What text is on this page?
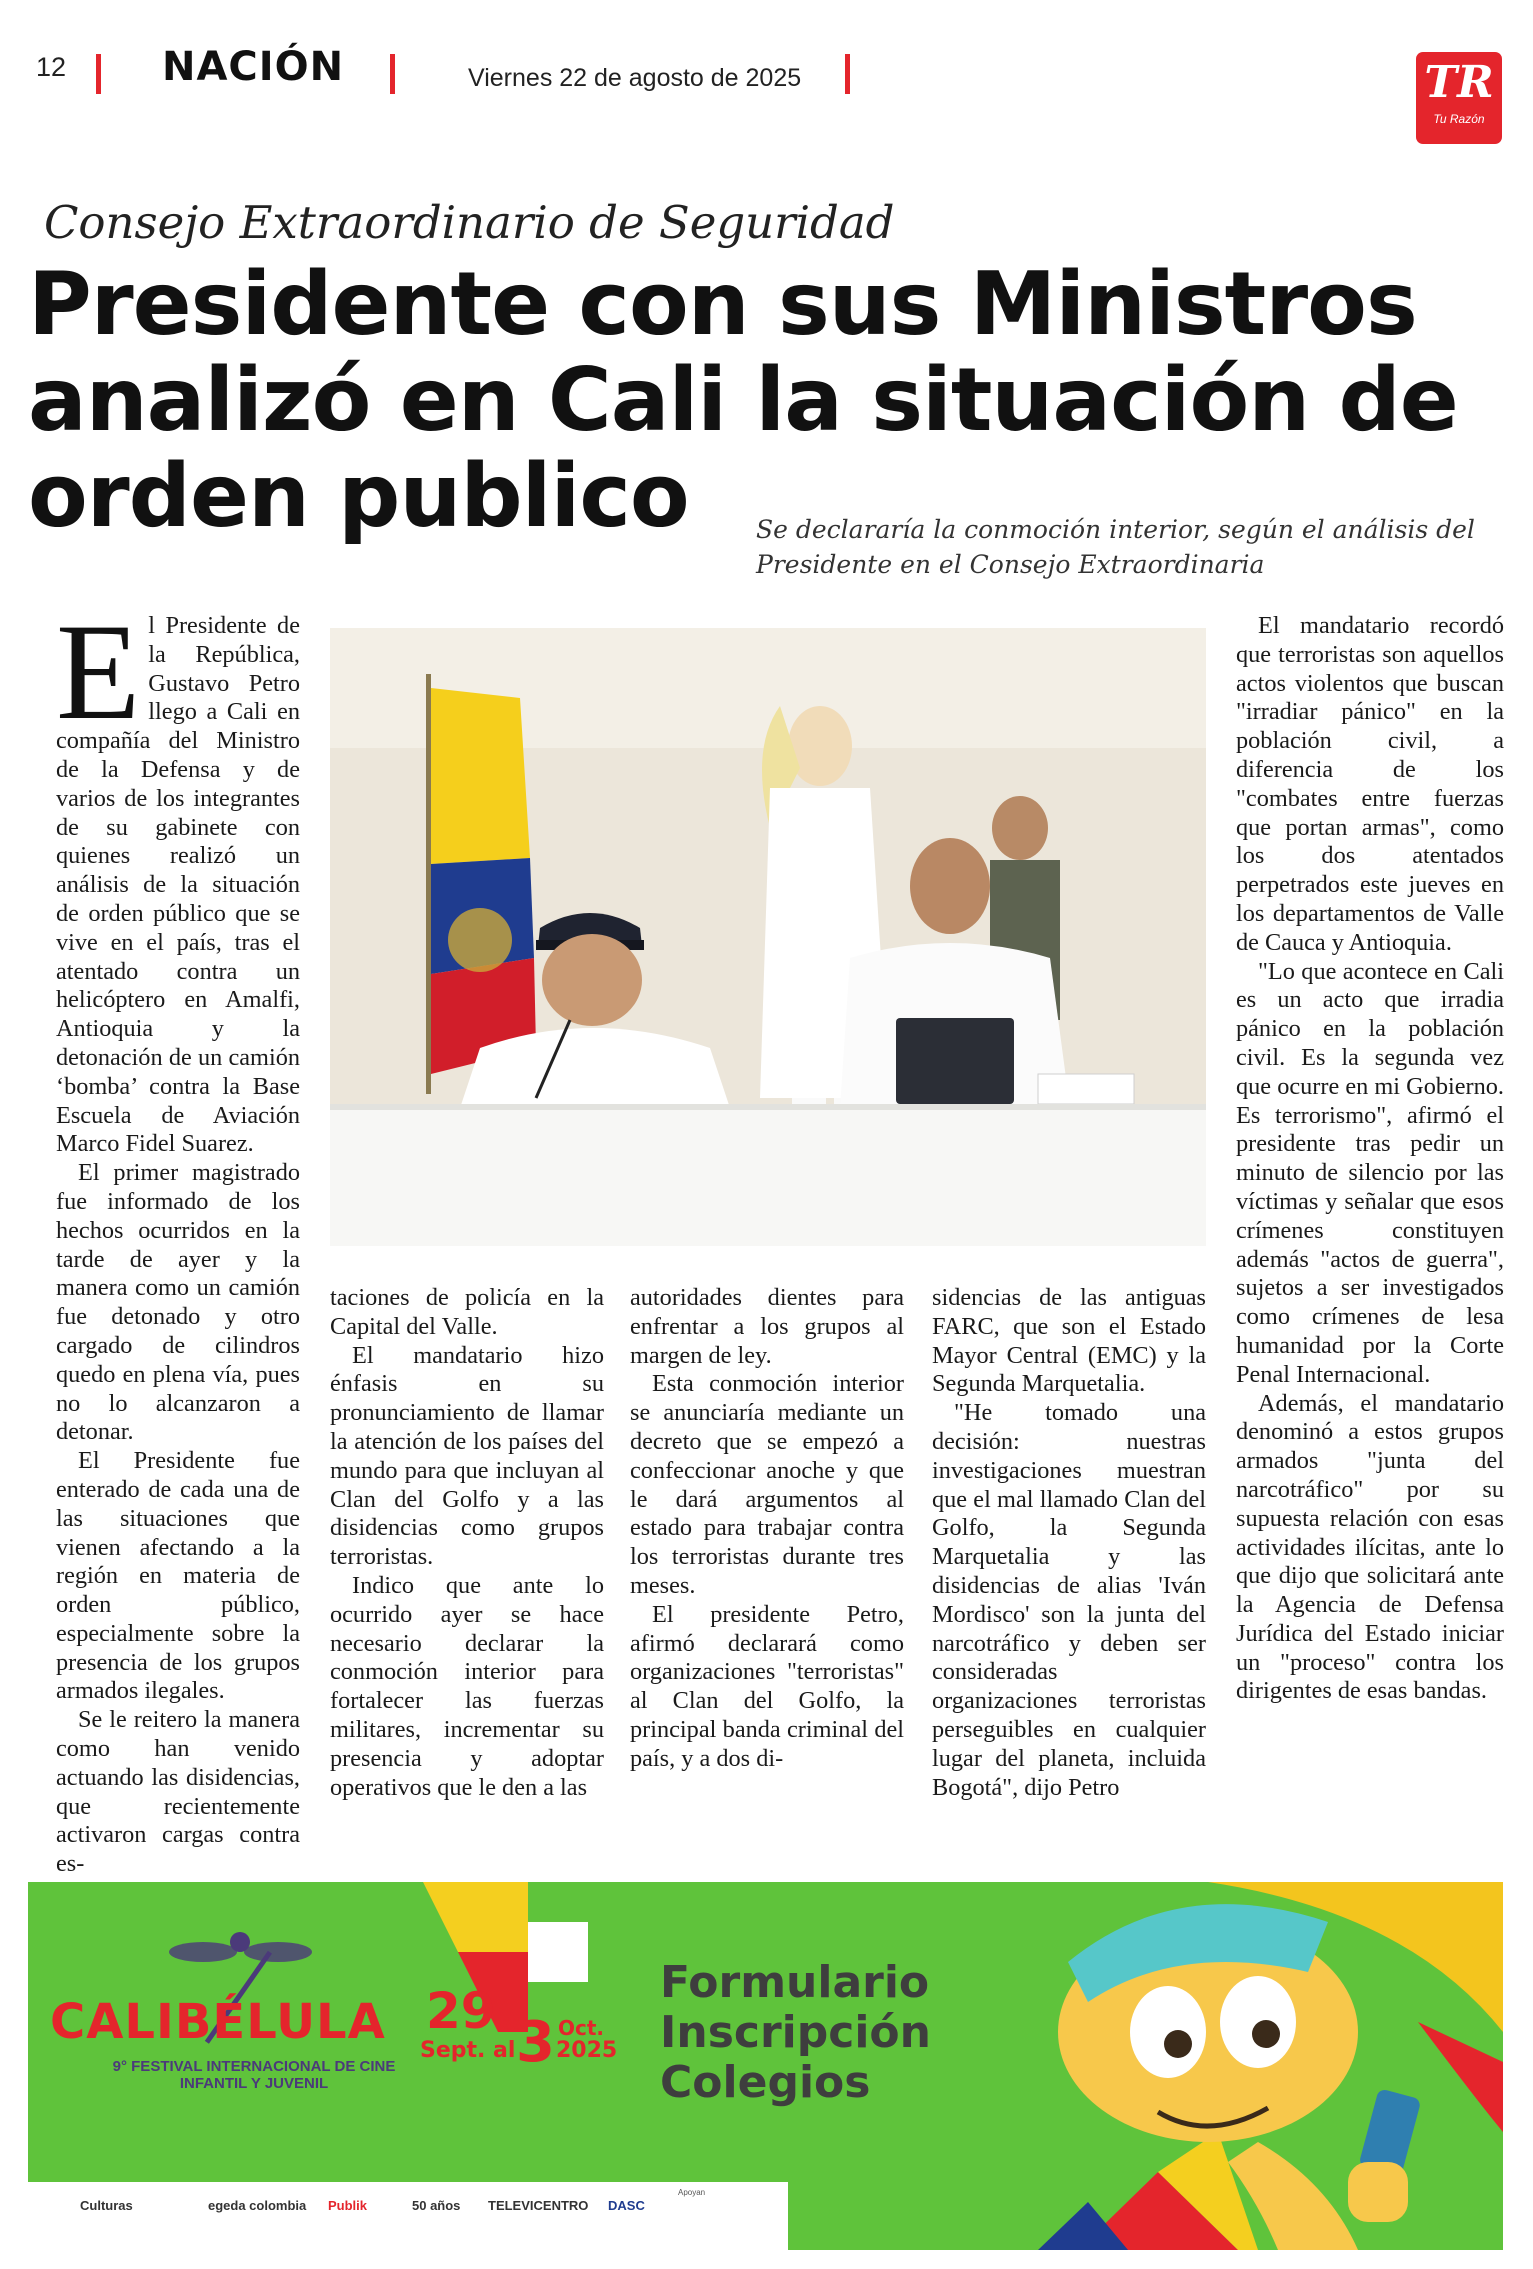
12 NACIÓN	Viernes 22 de agosto de 2025	TR
Tu Razón
Consejo Extraordinario de Seguridad
Presidente con sus Ministros analizó en Cali la situación de orden publico	Se declararía la conmoción interior, según el análisis del Presidente en el Consejo Extraordinaria

El Presidente de la República, Gustavo Petro llego a Cali en compañía del Ministro de la Defensa y de varios de los integrantes de su gabinete con quienes realizó un análisis de la situación de orden público que se vive en el país, tras el atentado contra un helicóptero en Amalfi, Antioquia y la detonación de un camión ‘bomba’ contra la Base Escuela de Aviación Marco Fidel Suarez.

El primer magistrado fue informado de los hechos ocurridos en la tarde de ayer y la manera como un camión fue detonado y otro cargado de cilindros quedo en plena vía, pues no lo alcanzaron a detonar.

El Presidente fue enterado de cada una de las situaciones que vienen afectando a la región en materia de orden público, especialmente sobre la presencia de los grupos armados ilegales.

Se le reitero la manera como han venido actuando las disidencias, que recientemente activaron cargas contra es-

taciones de policía en la Capital del Valle.

El mandatario hizo énfasis en su pronunciamiento de llamar la atención de los países del mundo para que incluyan al Clan del Golfo y a las disidencias como grupos terroristas.

Indico que ante lo ocurrido ayer se hace necesario declarar la conmoción interior para fortalecer las fuerzas militares, incrementar su presencia y adoptar operativos que le den a las

autoridades dientes para enfrentar a los grupos al margen de ley.

Esta conmoción interior se anunciaría mediante un decreto que se empezó a confeccionar anoche y que le dará argumentos al estado para trabajar contra los terroristas durante tres meses.

El presidente Petro, afirmó declarará como organizaciones "terroristas" al Clan del Golfo, la principal banda criminal del país, y a dos di-

sidencias de las antiguas FARC, que son el Estado Mayor Central (EMC) y la Segunda Marquetalia.

"He tomado una decisión: nuestras investigaciones muestran que el mal llamado Clan del Golfo, la Segunda Marquetalia y las disidencias de alias 'Iván Mordisco' son la junta del narcotráfico y deben ser consideradas organizaciones terroristas perseguibles en cualquier lugar del planeta, incluida Bogotá", dijo Petro

El mandatario recordó que terroristas son aquellos actos violentos que buscan "irradiar pánico" en la población civil, a diferencia de los "combates entre fuerzas que portan armas", como los dos atentados perpetrados este jueves en los departamentos de Valle de Cauca y Antioquia.

"Lo que acontece en Cali es un acto que irradia pánico en la población civil. Es la segunda vez que ocurre en mi Gobierno. Es terrorismo", afirmó el presidente tras pedir un minuto de silencio por las víctimas y señalar que esos crímenes constituyen además "actos de guerra", sujetos a ser investigados como crímenes de lesa humanidad por la Corte Penal Internacional.

Además, el mandatario denominó a estos grupos armados "junta del narcotráfico" por su supuesta relación con esas actividades ilícitas, ante lo que dijo que solicitará ante la Agencia de Defensa Jurídica del Estado iniciar un "proceso" contra los dirigentes de esas bandas.

CALIBÉLULA
9° FESTIVAL INTERNACIONAL DE CINE INFANTIL Y JUVENIL
29
Sept. al 3 Oct.
2025
Formulario Inscripción Colegios
Culturas	egeda colombia Publik	50 años TELEVICENTRO DASC
Apoyan
